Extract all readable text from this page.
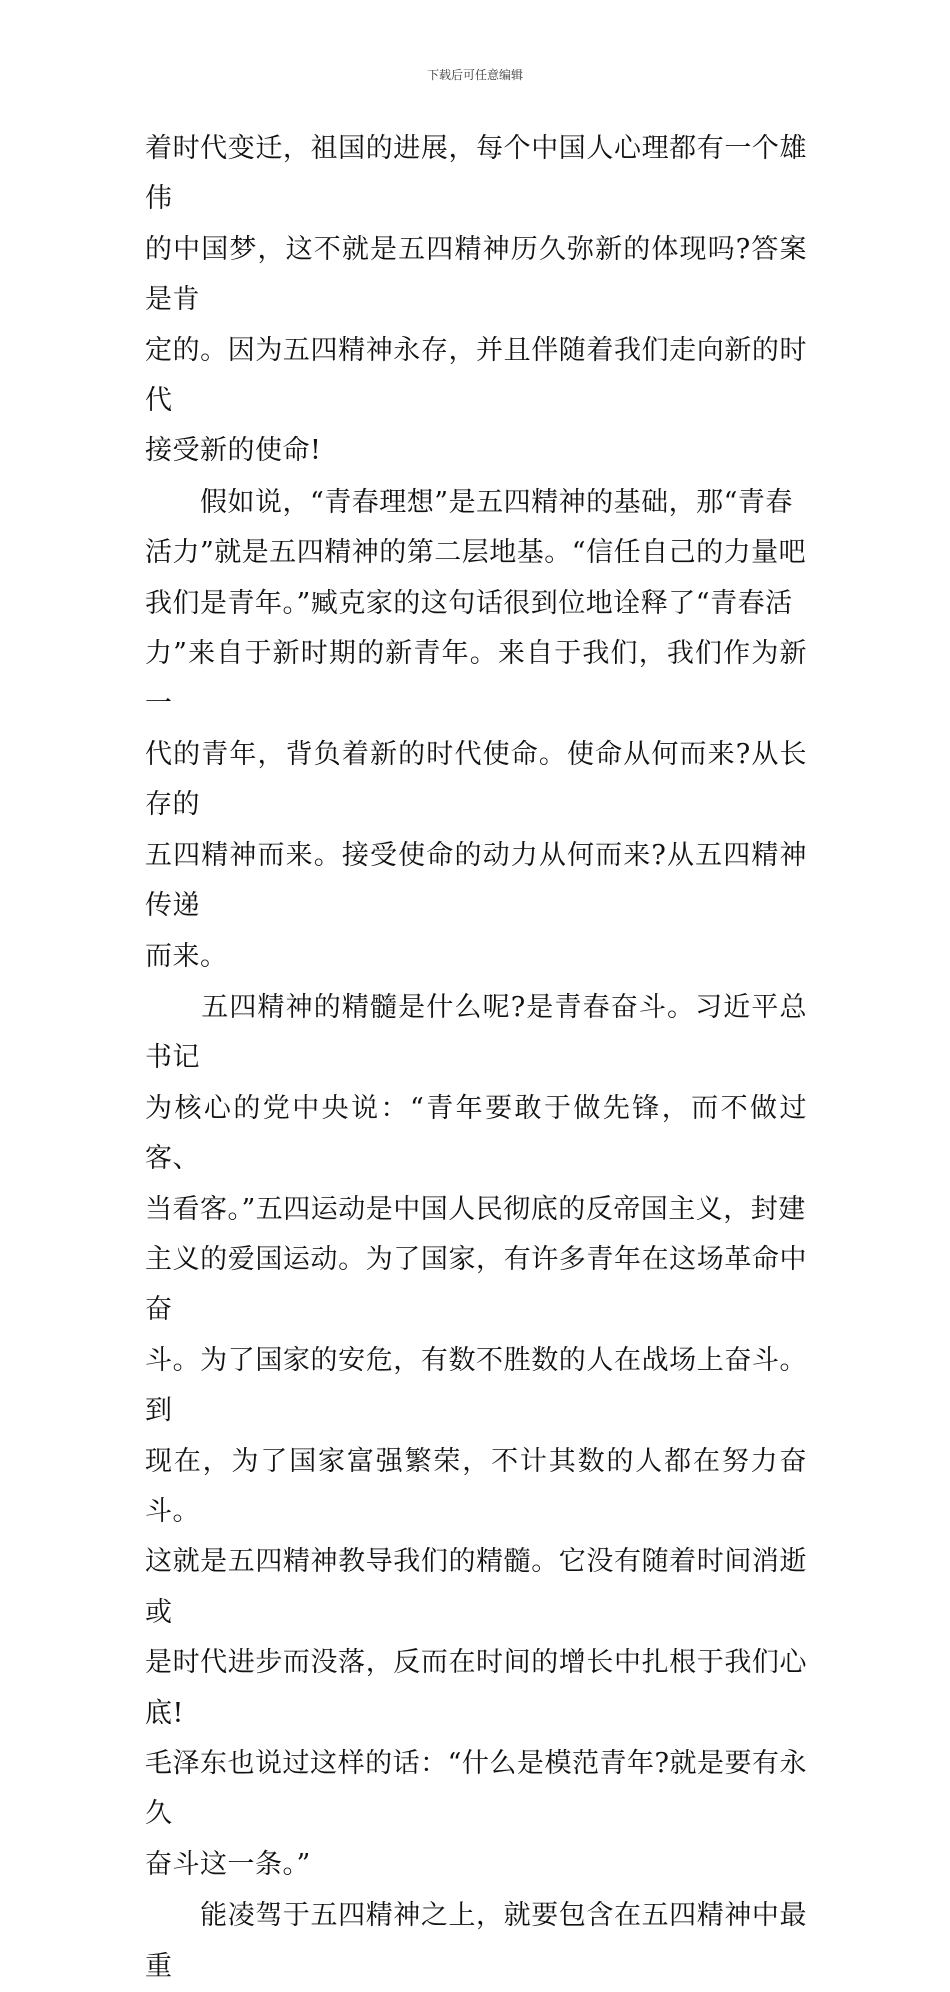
下载后可任意编辑

着时代变迁，祖国的进展，每个中国人心理都有一个雄伟
的中国梦，这不就是五四精神历久弥新的体现吗?答案是肯
定的。因为五四精神永存，并且伴随着我们走向新的时代
接受新的使命!

　　假如说，“青春理想”是五四精神的基础，那“青春
活力”就是五四精神的第二层地基。“信任自己的力量吧
我们是青年。”臧克家的这句话很到位地诠释了“青春活
力”来自于新时期的新青年。来自于我们，我们作为新一
代的青年，背负着新的时代使命。使命从何而来?从长存的
五四精神而来。接受使命的动力从何而来?从五四精神传递
而来。

　　五四精神的精髓是什么呢?是青春奋斗。习近平总书记
为核心的党中央说：“青年要敢于做先锋，而不做过客、
当看客。”五四运动是中国人民彻底的反帝国主义，封建
主义的爱国运动。为了国家，有许多青年在这场革命中奋
斗。为了国家的安危，有数不胜数的人在战场上奋斗。到
现在，为了国家富强繁荣，不计其数的人都在努力奋斗。
这就是五四精神教导我们的精髓。它没有随着时间消逝或
是时代进步而没落，反而在时间的增长中扎根于我们心底!
毛泽东也说过这样的话：“什么是模范青年?就是要有永久
奋斗这一条。”

　　能凌驾于五四精神之上，就要包含在五四精神中最重
